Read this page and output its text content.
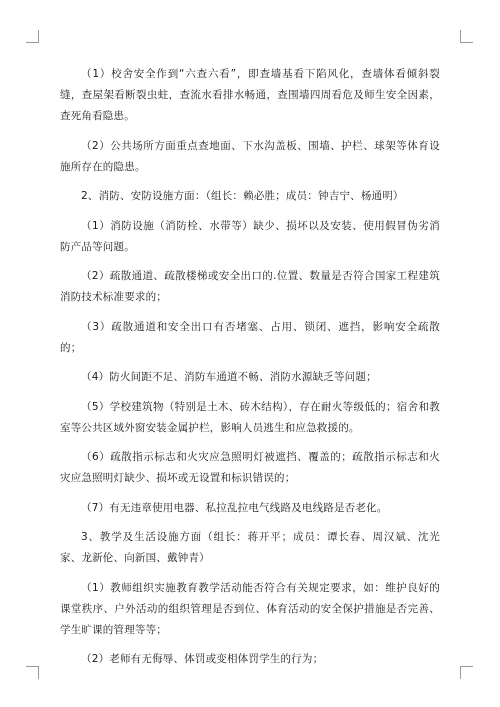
（1）校舍安全作到“六查六看”，即查墙基看下陷风化，查墙体看倾斜裂缝，查屋架看断裂虫蛀，查流水看排水畅通，查围墙四周看危及师生安全因素，查死角看隐患。

（2）公共场所方面重点查地面、下水沟盖板、围墙、护栏、球架等体育设施所存在的隐患。

2、消防、安防设施方面：（组长：赖必胜；成员：钟吉宁、杨通明）

（1）消防设施（消防栓、水带等）缺少、损坏以及安装、使用假冒伪劣消防产品等问题。

（2）疏散通道、疏散楼梯或安全出口的.位置、数量是否符合国家工程建筑消防技术标准要求的；

（3）疏散通道和安全出口有否堵塞、占用、锁闭、遮挡，影响安全疏散的；

（4）防火间距不足、消防车通道不畅、消防水源缺乏等问题；

（5）学校建筑物（特别是土木、砖木结构），存在耐火等级低的；宿舍和教室等公共区域外窗安装金属护栏，影响人员逃生和应急救援的。

（6）疏散指示标志和火灾应急照明灯被遮挡、覆盖的；疏散指示标志和火灾应急照明灯缺少、损坏或无设置和标识错误的；

（7）有无违章使用电器、私拉乱拉电气线路及电线路是否老化。

3、教学及生活设施方面（组长：蒋开平；成员：谭长春、周汉斌、沈光家、龙新伦、向新国、戴钟青）

（1）教师组织实施教育教学活动能否符合有关规定要求，如：维护良好的课堂秩序、户外活动的组织管理是否到位、体育活动的安全保护措施是否完善、学生旷课的管理等等；

（2）老师有无侮辱、体罚或变相体罚学生的行为；
